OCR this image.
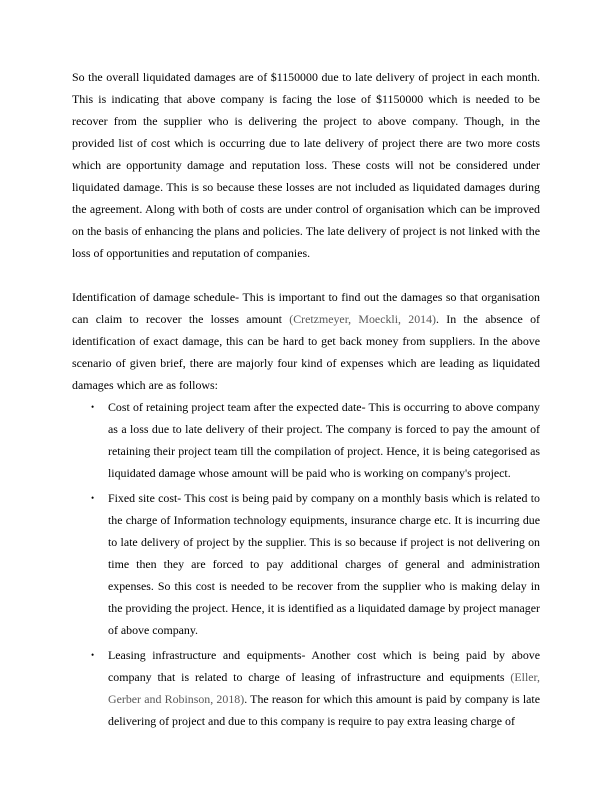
So the overall liquidated damages are of $1150000 due to late delivery of project in each month. This is indicating that above company is facing the lose of $1150000 which is needed to be recover from the supplier who is delivering the project to above company. Though, in the provided list of cost which is occurring due to late delivery of project there are two more costs which are opportunity damage and reputation loss. These costs will not be considered under liquidated damage. This is so because these losses are not included as liquidated damages during the agreement. Along with both of costs are under control of organisation which can be improved on the basis of enhancing the plans and policies. The late delivery of project is not linked with the loss of opportunities and reputation of companies.

Identification of damage schedule- This is important to find out the damages so that organisation can claim to recover the losses amount (Cretzmeyer, Moeckli, 2014). In the absence of identification of exact damage, this can be hard to get back money from suppliers. In the above scenario of given brief, there are majorly four kind of expenses which are leading as liquidated damages which are as follows:

• Cost of retaining project team after the expected date- This is occurring to above company as a loss due to late delivery of their project. The company is forced to pay the amount of retaining their project team till the compilation of project. Hence, it is being categorised as liquidated damage whose amount will be paid who is working on company's project.
• Fixed site cost- This cost is being paid by company on a monthly basis which is related to the charge of Information technology equipments, insurance charge etc. It is incurring due to late delivery of project by the supplier. This is so because if project is not delivering on time then they are forced to pay additional charges of general and administration expenses. So this cost is needed to be recover from the supplier who is making delay in the providing the project. Hence, it is identified as a liquidated damage by project manager of above company.
• Leasing infrastructure and equipments- Another cost which is being paid by above company that is related to charge of leasing of infrastructure and equipments (Eller, Gerber and Robinson, 2018). The reason for which this amount is paid by company is late delivering of project and due to this company is require to pay extra leasing charge of
